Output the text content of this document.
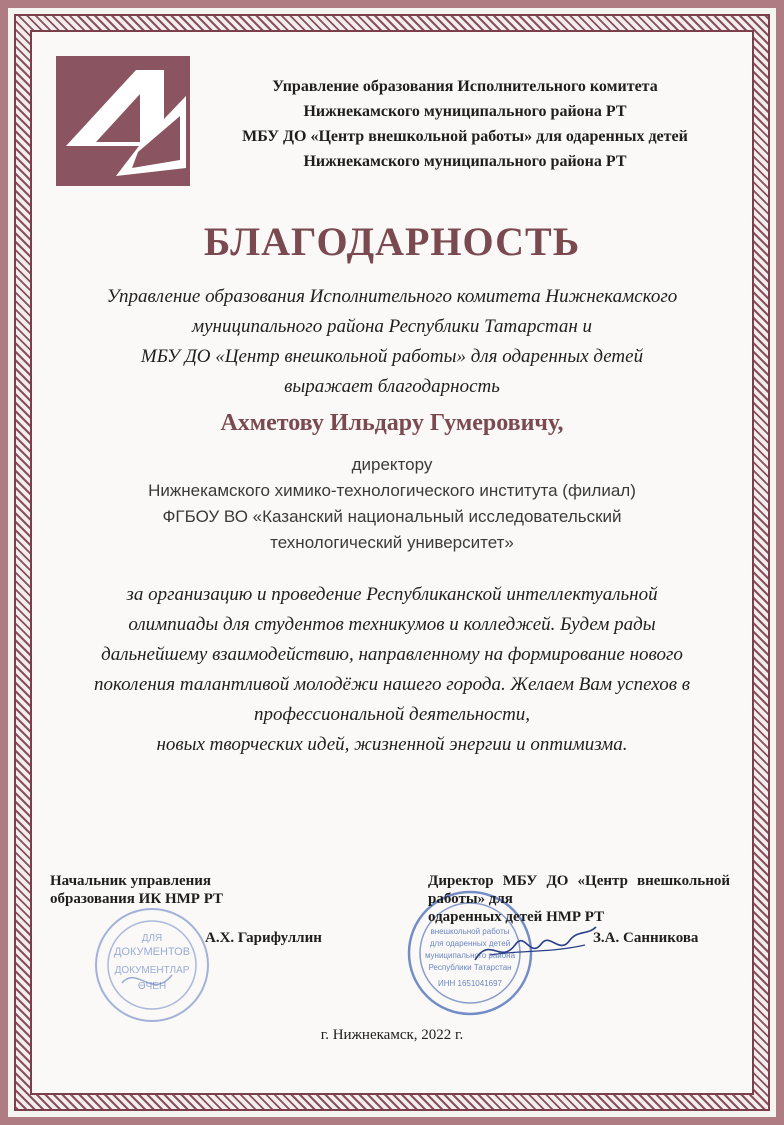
Управление образования Исполнительного комитета
Нижнекамского муниципального района РТ
МБУ ДО «Центр внешкольной работы» для одаренных детей
Нижнекамского муниципального района РТ
БЛАГОДАРНОСТЬ
Управление образования Исполнительного комитета Нижнекамского
муниципального района Республики Татарстан и
МБУ ДО «Центр внешкольной работы» для одаренных детей
выражает благодарность
Ахметову Ильдару Гумеровичу,
директору
Нижнекамского химико-технологического института (филиал)
ФГБОУ ВО «Казанский национальный исследовательский
технологический университет»
за организацию и проведение Республиканской интеллектуальной
олимпиады для студентов техникумов и колледжей. Будем рады
дальнейшему взаимодействию, направленному на формирование нового
поколения талантливой молодёжи нашего города. Желаем Вам успехов в
профессиональной деятельности,
новых творческих идей, жизненной энергии и оптимизма.
ДЛЯ
ДОКУМЕНТОВ
ДОКУМЕНТЛАР
ӨЧЕН
внешкольной работы
для одаренных детей
муниципального района
Республики Татарстан
ИНН 1651041697
Начальник управления
образования ИК НМР РТ
А.Х. Гарифуллин
Директор МБУ ДО «Центр внешкольной работы» для
одаренных детей НМР РТ
З.А. Санникова
г. Нижнекамск, 2022 г.
